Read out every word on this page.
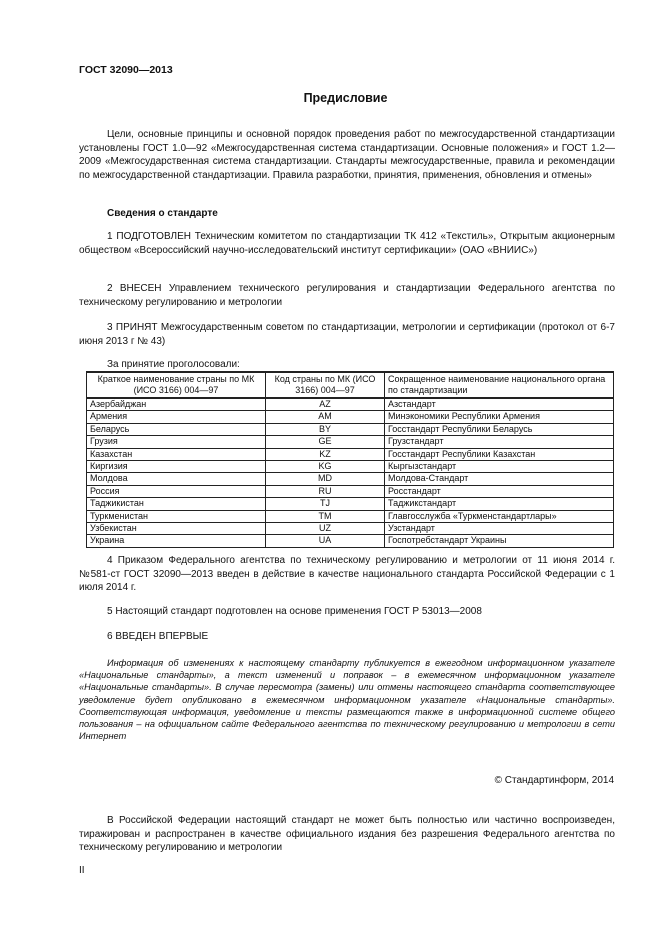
ГОСТ 32090—2013
Предисловие

Цели, основные принципы и основной порядок проведения работ по межгосударственной стандартизации установлены ГОСТ 1.0—92 «Межгосударственная система стандартизации. Основные положения» и ГОСТ 1.2—2009 «Межгосударственная система стандартизации. Стандарты межгосударственные, правила и рекомендации по межгосударственной стандартизации. Правила разработки, принятия, применения, обновления и отмены»

Сведения о стандарте

1 ПОДГОТОВЛЕН Техническим комитетом по стандартизации ТК 412 «Текстиль», Открытым акционерным обществом «Всероссийский научно-исследовательский институт сертификации» (ОАО «ВНИИС»)

2 ВНЕСЕН Управлением технического регулирования и стандартизации Федерального агентства по техническому регулированию и метрологии

3 ПРИНЯТ Межгосударственным советом по стандартизации, метрологии и сертификации (протокол от 6-7 июня 2013 г № 43)

За принятие проголосовали:
Краткое наименование страны по МК (ИСО 3166) 004—97	Код страны по МК (ИСО 3166) 004—97	Сокращенное наименование национального органа по стандартизации
Азербайджан	AZ	Азстандарт
Армения	AM	Минэкономики Республики Армения
Беларусь	BY	Госстандарт Республики Беларусь
Грузия	GE	Грузстандарт
Казахстан	KZ	Госстандарт Республики Казахстан
Киргизия	KG	Кыргызстандарт
Молдова	MD	Молдова-Стандарт
Россия	RU	Росстандарт
Таджикистан	TJ	Таджикстандарт
Туркменистан	TM	Главгосслужба «Туркменстандартлары»
Узбекистан	UZ	Узстандарт
Украина	UA	Госпотребстандарт Украины

4 Приказом Федерального агентства по техническому регулированию и метрологии от 11 июня 2014 г. №581-ст ГОСТ 32090—2013 введен в действие в качестве национального стандарта Российской Федерации с 1 июля 2014 г.

5 Настоящий стандарт подготовлен на основе применения ГОСТ Р 53013—2008

6 ВВЕДЕН ВПЕРВЫЕ

Информация об изменениях к настоящему стандарту публикуется в ежегодном информационном указателе «Национальные стандарты», а текст изменений и поправок – в ежемесячном информационном указателе «Национальные стандарты». В случае пересмотра (замены) или отмены настоящего стандарта соответствующее уведомление будет опубликовано в ежемесячном информационном указателе «Национальные стандарты». Соответствующая информация, уведомление и тексты размещаются также в информационной системе общего пользования – на официальном сайте Федерального агентства по техническому регулированию и метрологии в сети Интернет

© Стандартинформ, 2014

В Российской Федерации настоящий стандарт не может быть полностью или частично воспроизведен, тиражирован и распространен в качестве официального издания без разрешения Федерального агентства по техническому регулированию и метрологии

II
